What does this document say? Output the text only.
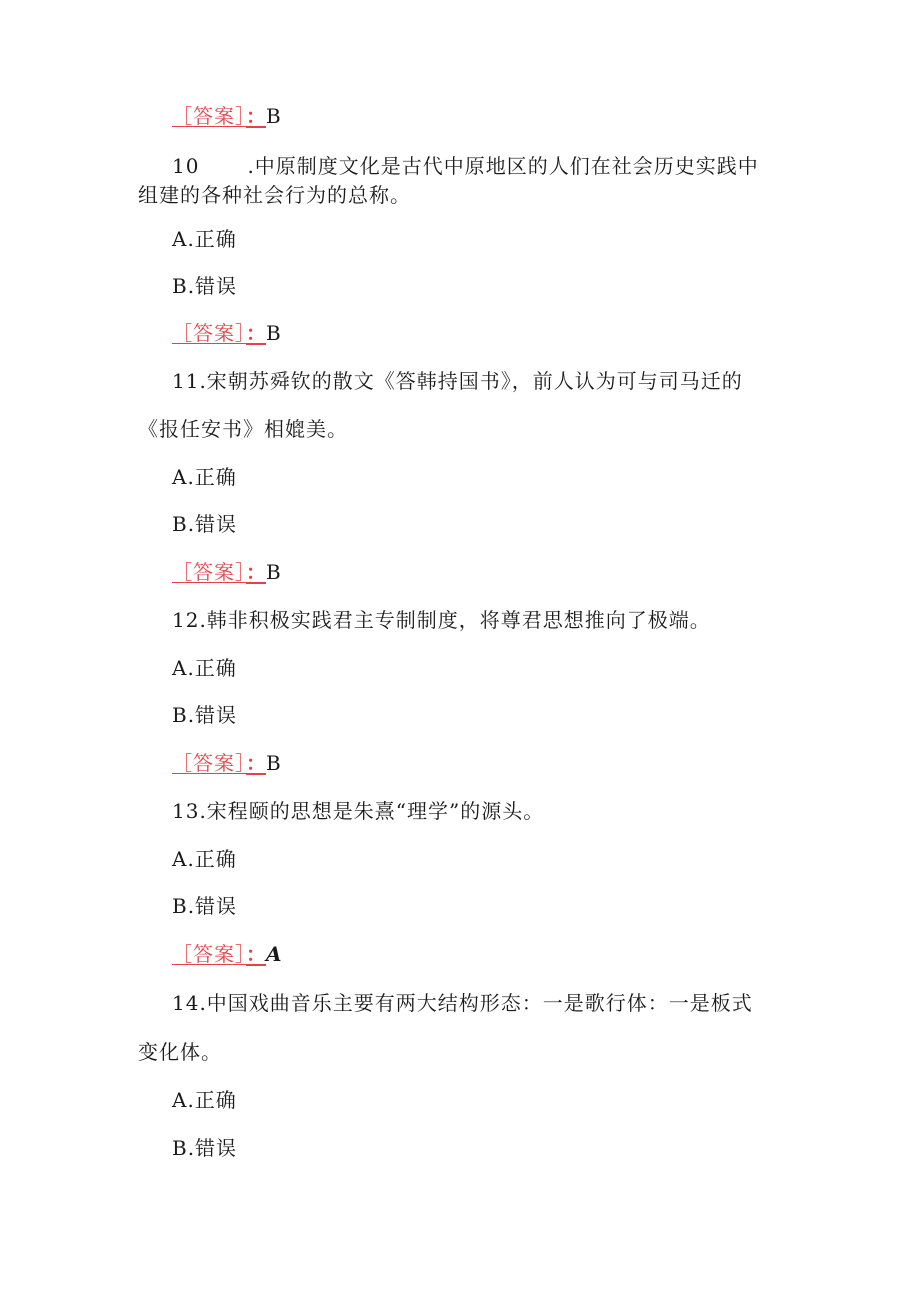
［答案］：B
10 .中原制度文化是古代中原地区的人们在社会历史实践中
组建的各种社会行为的总称。
A.正确
B.错误
［答案］：B
11.宋朝苏舜钦的散文《答韩持国书》，前人认为可与司马迁的
《报任安书》相媲美。
A.正确
B.错误
［答案］：B
12.韩非积极实践君主专制制度，将尊君思想推向了极端。
A.正确
B.错误
［答案］：B
13.宋程颐的思想是朱熹“理学”的源头。
A.正确
B.错误
［答案］：A
14.中国戏曲音乐主要有两大结构形态：一是歌行体：一是板式
变化体。
A.正确
B.错误
